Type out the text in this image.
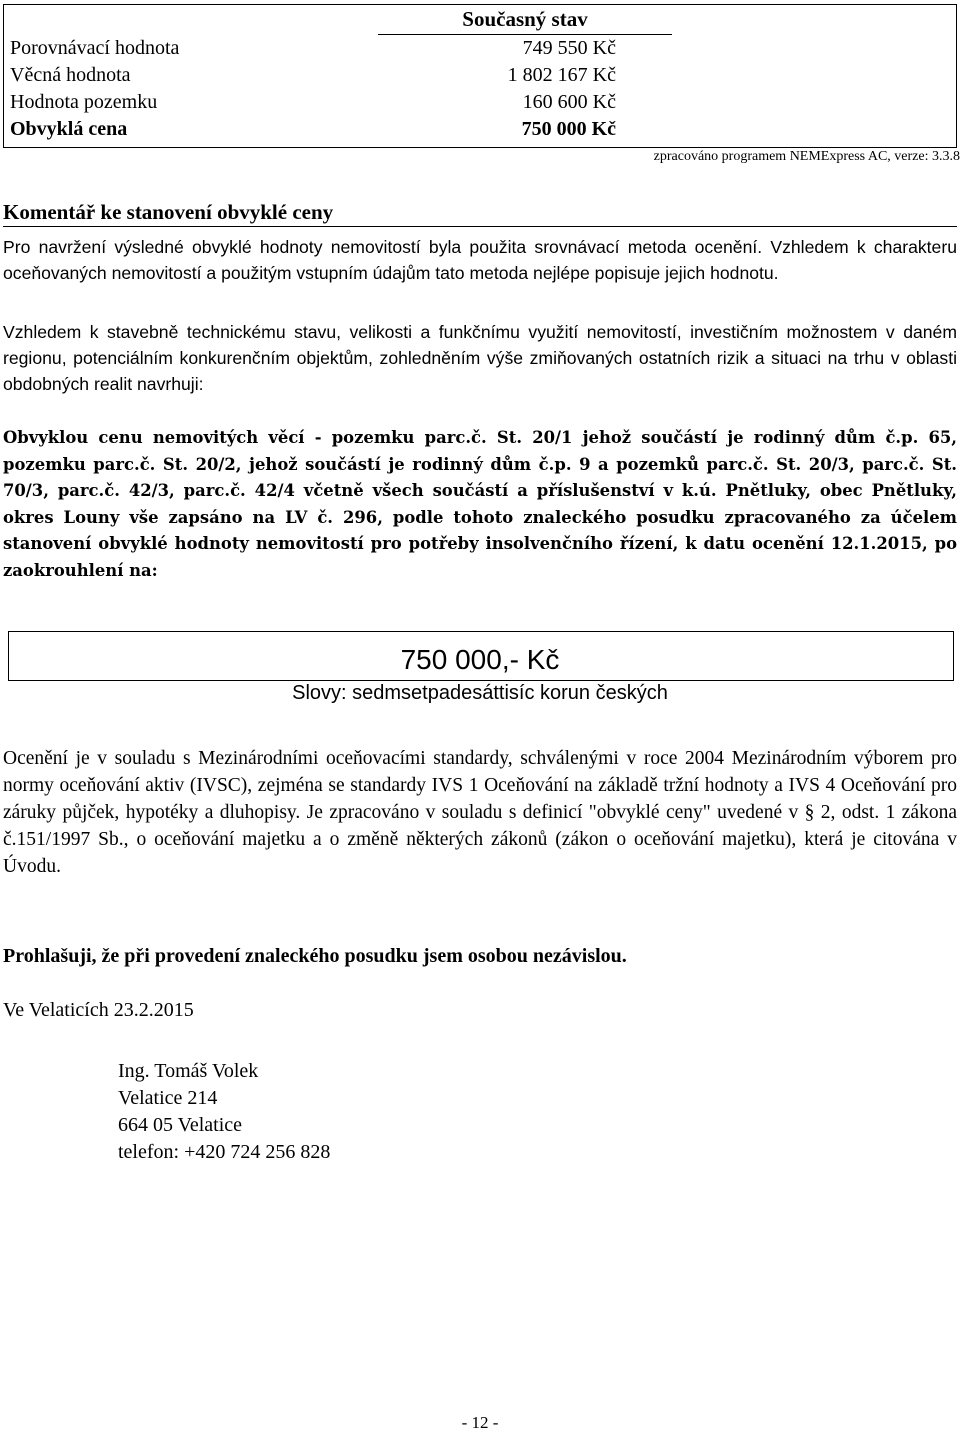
Současný stav
Porovnávací hodnota	749 550 Kč
Věcná hodnota	1 802 167 Kč
Hodnota pozemku	160 600 Kč
Obvyklá cena	750 000 Kč
zpracováno programem NEMExpress AC, verze: 3.3.8
Komentář ke stanovení obvyklé ceny
Pro navržení výsledné obvyklé hodnoty nemovitostí byla použita srovnávací metoda ocenění. Vzhledem k charakteru oceňovaných nemovitostí a použitým vstupním údajům tato metoda nejlépe popisuje jejich hodnotu.
Vzhledem k stavebně technickému stavu, velikosti a funkčnímu využití nemovitostí, investičním možnostem v daném regionu, potenciálním konkurenčním objektům, zohledněním výše zmiňovaných ostatních rizik a situaci na trhu v oblasti obdobných realit navrhuji:
Obvyklou cenu nemovitých věcí - pozemku parc.č. St. 20/1 jehož součástí je rodinný dům č.p. 65, pozemku parc.č. St. 20/2, jehož součástí je rodinný dům č.p. 9 a pozemků parc.č. St. 20/3, parc.č. St. 70/3, parc.č. 42/3, parc.č. 42/4 včetně všech součástí a příslušenství v k.ú. Pnětluky, obec Pnětluky, okres Louny vše zapsáno na LV č. 296, podle tohoto znaleckého posudku zpracovaného za účelem stanovení obvyklé hodnoty nemovitostí pro potřeby insolvenčního řízení, k datu ocenění 12.1.2015, po zaokrouhlení na:
750 000,- Kč
Slovy: sedmsetpadesáttisíc korun českých
Ocenění je v souladu s Mezinárodními oceňovacími standardy, schválenými v roce 2004 Mezinárodním výborem pro normy oceňování aktiv (IVSC), zejména se standardy IVS 1 Oceňování na základě tržní hodnoty a IVS 4 Oceňování pro záruky půjček, hypotéky a dluhopisy. Je zpracováno v souladu s definicí "obvyklé ceny" uvedené v § 2, odst. 1 zákona č.151/1997 Sb., o oceňování majetku a o změně některých zákonů (zákon o oceňování majetku), která je citována v Úvodu.
Prohlašuji, že při provedení znaleckého posudku jsem osobou nezávislou.
Ve Velaticích 23.2.2015
Ing. Tomáš Volek
Velatice 214
664 05 Velatice
telefon: +420 724 256 828
- 12 -
